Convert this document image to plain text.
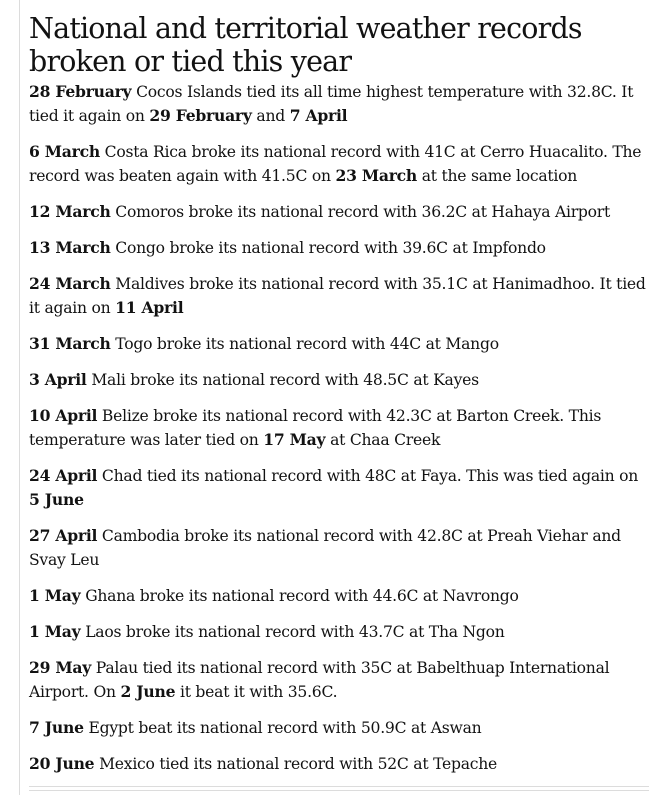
National and territorial weather records broken or tied this year
28 February Cocos Islands tied its all time highest temperature with 32.8C. It tied it again on 29 February and 7 April
6 March Costa Rica broke its national record with 41C at Cerro Huacalito. The record was beaten again with 41.5C on 23 March at the same location
12 March Comoros broke its national record with 36.2C at Hahaya Airport
13 March Congo broke its national record with 39.6C at Impfondo
24 March Maldives broke its national record with 35.1C at Hanimadhoo. It tied it again on 11 April
31 March Togo broke its national record with 44C at Mango
3 April Mali broke its national record with 48.5C at Kayes
10 April Belize broke its national record with 42.3C at Barton Creek. This temperature was later tied on 17 May at Chaa Creek
24 April Chad tied its national record with 48C at Faya. This was tied again on 5 June
27 April Cambodia broke its national record with 42.8C at Preah Viehar and Svay Leu
1 May Ghana broke its national record with 44.6C at Navrongo
1 May Laos broke its national record with 43.7C at Tha Ngon
29 May Palau tied its national record with 35C at Babelthuap International Airport. On 2 June it beat it with 35.6C.
7 June Egypt beat its national record with 50.9C at Aswan
20 June Mexico tied its national record with 52C at Tepache
